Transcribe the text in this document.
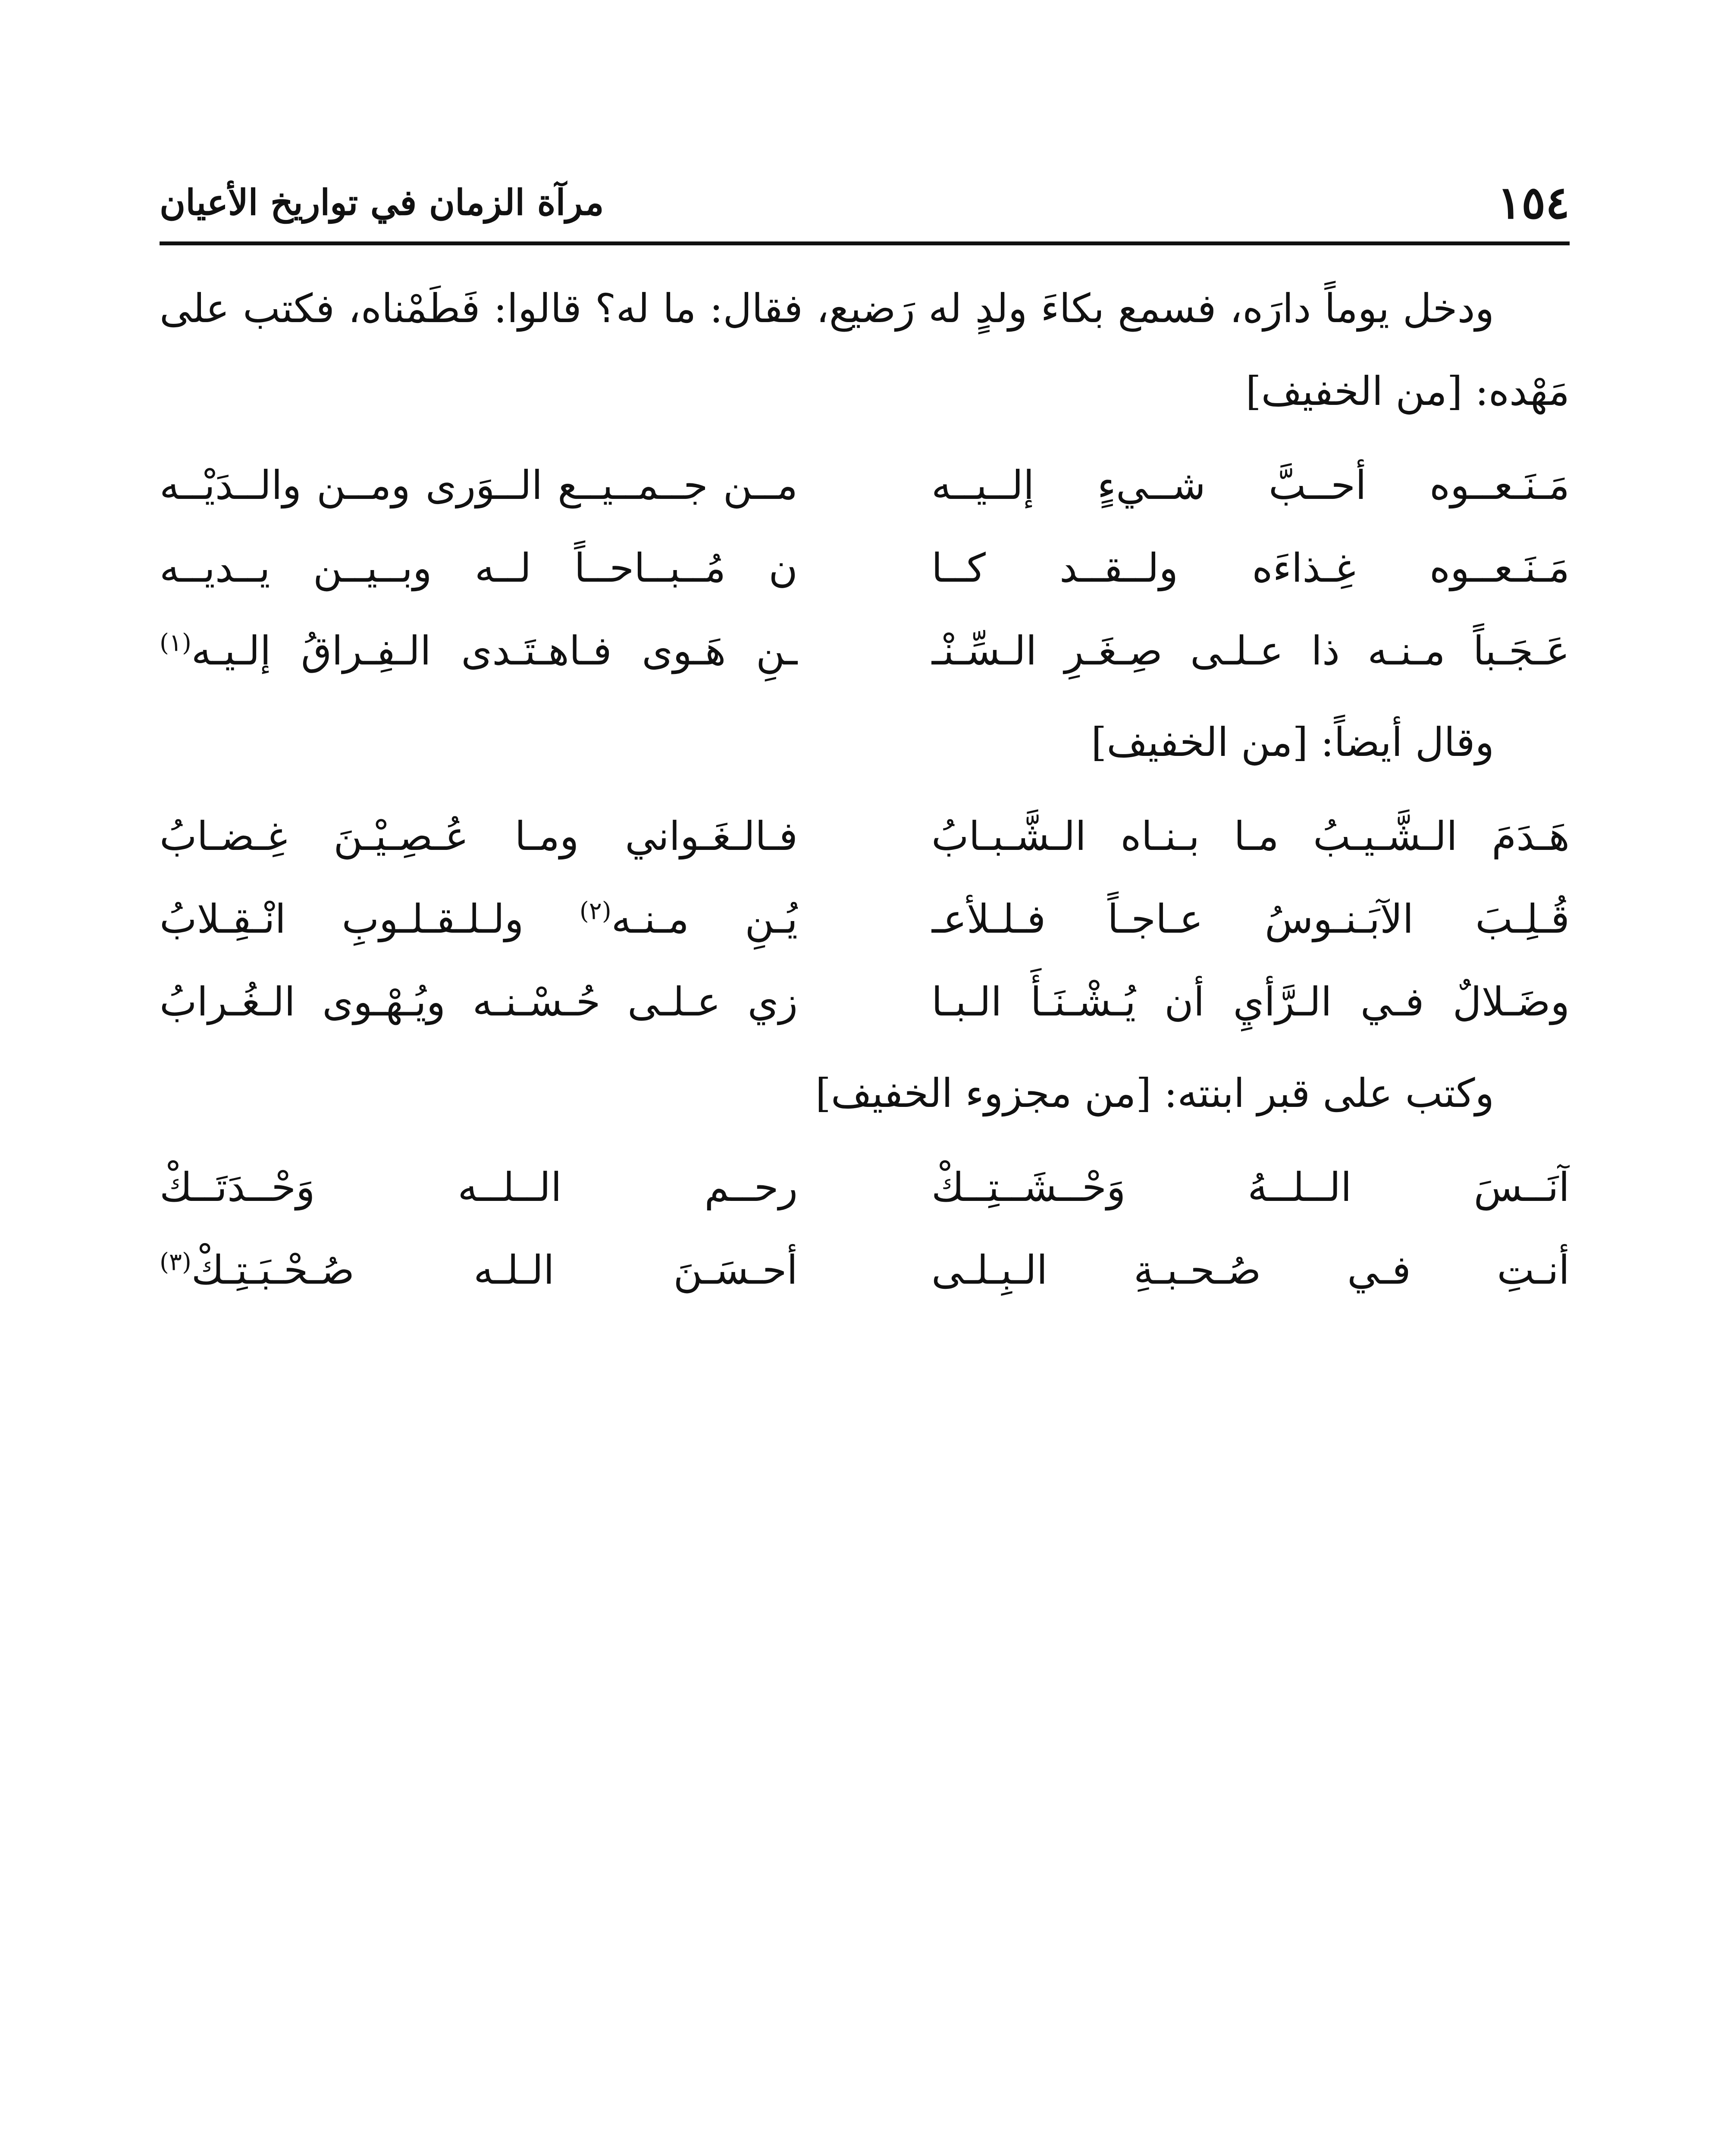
١٥٤
مرآة الزمان في تواريخ الأعيان

ودخل يوماً دارَه، فسمع بكاءَ ولدٍ له رَضيع، فقال: ما له؟ قالوا: فَطَمْناه، فكتب على مَهْده: [من الخفيف]

مَـنَـعــوه أحــبَّ شــيءٍ إلــيــه
مــن جــمــيــع الــوَرى ومــن والــدَيْــه
مَـنَـعــوه غِـذاءَه ولــقــد كــا
ن مُــبــاحــاً لــه وبــيــن يــديــه
عَـجَـباً مـنـه ذا عـلـى صِـغَـرِ الـسِّـنْـ
ـنِ هَـوى فـاهـتَـدى الـفِـراقُ إلـيـه$^{(١)}$

وقال أيضاً: [من الخفيف]

هَـدَمَ الـشَّـيـبُ مـا بـنـاه الـشَّـبـابُ
فـالـغَـواني ومـا عُـصِـيْـنَ غِـضـابُ
قُـلِـبَ الآبَـنـوسُ عـاجـاً فـلـلأعـ
يُـنِ مـنـه$^{(٢)}$ ولـلـقـلـوبِ انْـقِـلابُ
وضَـلالٌ فـي الـرَّأيِ أن يُـشْـنَـأَ الـبـا
زي عـلـى حُـسْـنـه ويُـهْـوى الـغُـرابُ

وكتب على قبر ابنته: [من مجزوء الخفيف]

آنَــسَ الــلــهُ وَحْــشَــتِــكْ
رحــم الــلــه وَحْــدَتَــكْ
أنـتِ فـي صُـحـبـةِ الـبِـلـى
أحـسَـنَ الـلـه صُـحْـبَـتِـكْ$^{(٣)}$
